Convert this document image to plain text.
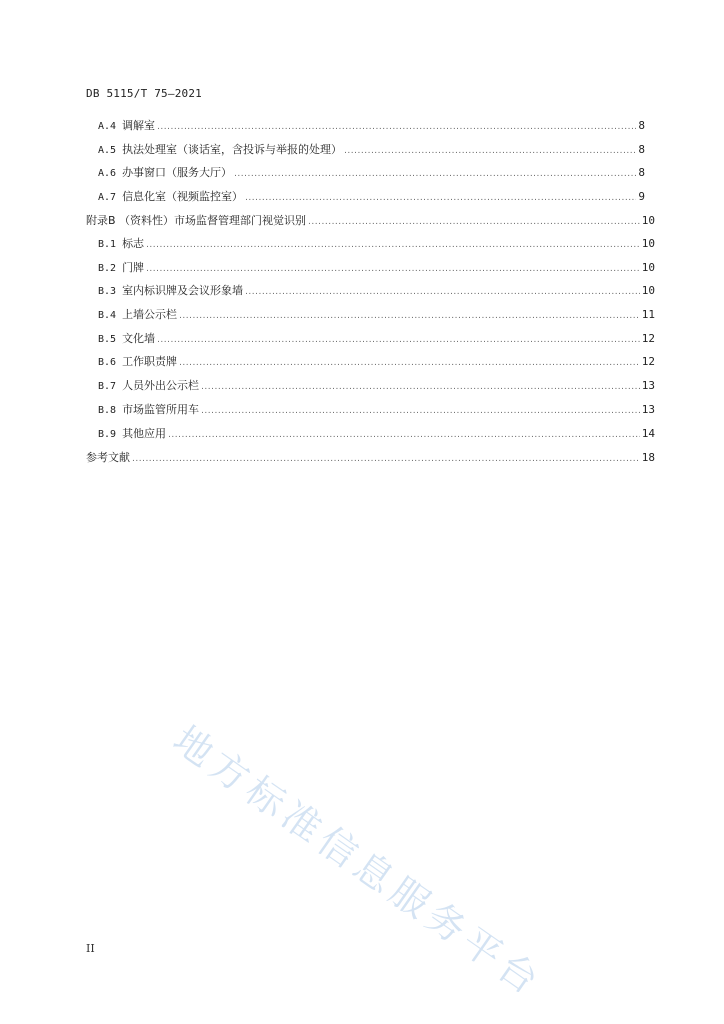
DB 5115/T 75—2021
A.4 调解室 .....	8
A.5 执法处理室（谈话室，含投诉与举报的处理） .....	8
A.6 办事窗口（服务大厅） .....	8
A.7 信息化室（视频监控室） .....	9
附录B （资料性）市场监督管理部门视觉识别 .....	10
B.1 标志 .....	10
B.2 门牌 .....	10
B.3 室内标识牌及会议形象墙 .....	10
B.4 上墙公示栏 .....	11
B.5 文化墙 .....	12
B.6 工作职责牌 .....	12
B.7 人员外出公示栏 .....	13
B.8 市场监管所用车 .....	13
B.9 其他应用 .....	14
参考文献 .....	18
地方标准信息服务平台
II
